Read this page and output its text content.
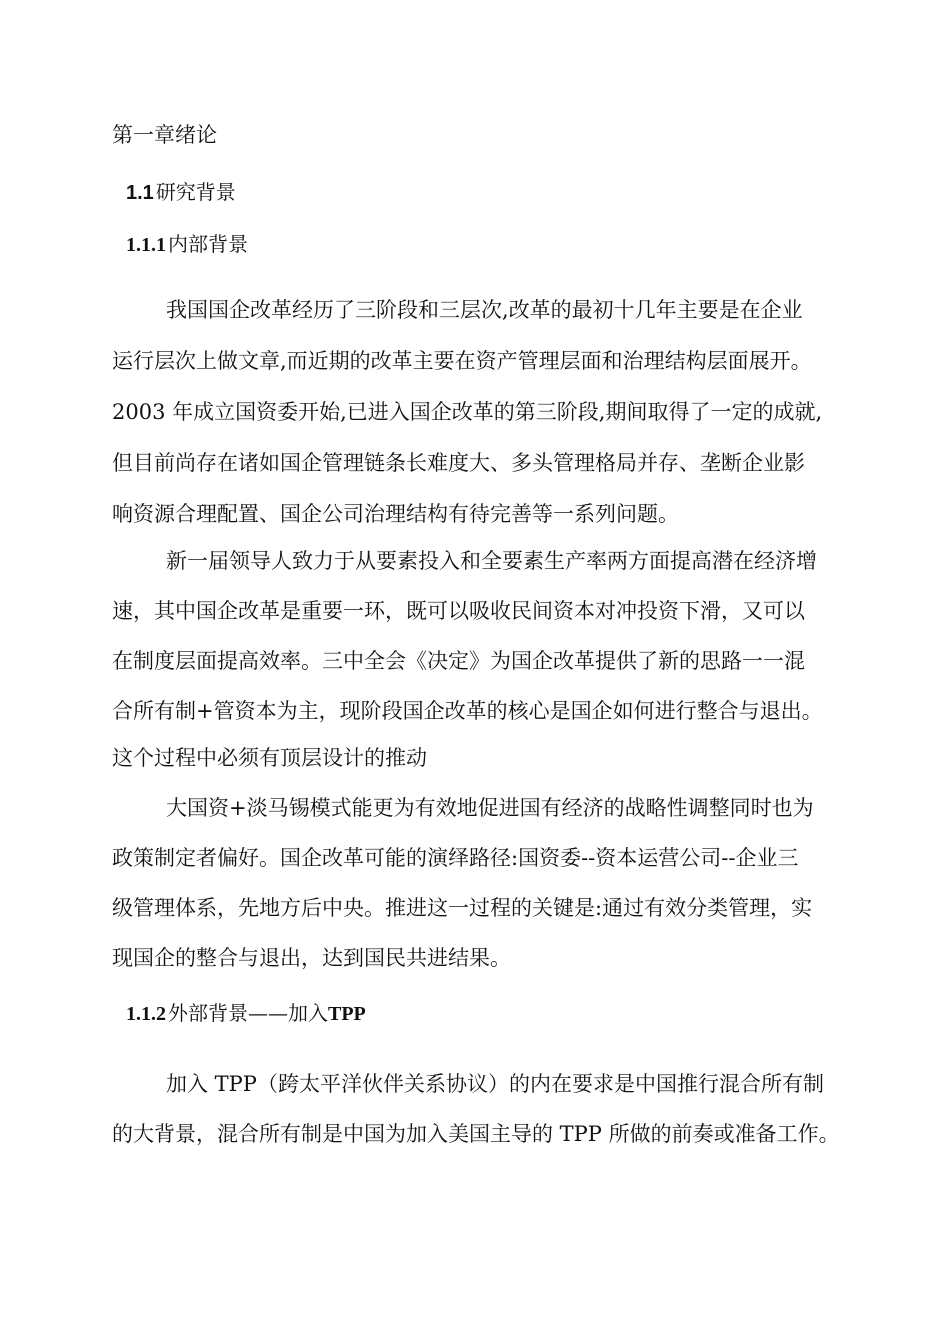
第一章绪论
1.1 研究背景
1.1.1 内部背景
我国国企改革经历了三阶段和三层次,改革的最初十几年主要是在企业
运行层次上做文章,而近期的改革主要在资产管理层面和治理结构层面展开。
2003 年成立国资委开始,已进入国企改革的第三阶段,期间取得了一定的成就,
但目前尚存在诸如国企管理链条长难度大、多头管理格局并存、垄断企业影
响资源合理配置、国企公司治理结构有待完善等一系列问题。
新一届领导人致力于从要素投入和全要素生产率两方面提高潜在经济增
速，其中国企改革是重要一环，既可以吸收民间资本对冲投资下滑，又可以
在制度层面提高效率。三中全会《决定》为国企改革提供了新的思路一一混
合所有制+管资本为主，现阶段国企改革的核心是国企如何进行整合与退出。
这个过程中必须有顶层设计的推动
大国资+淡马锡模式能更为有效地促进国有经济的战略性调整同时也为
政策制定者偏好。国企改革可能的演绎路径:国资委--资本运营公司--企业三
级管理体系，先地方后中央。推进这一过程的关键是:通过有效分类管理，实
现国企的整合与退出，达到国民共进结果。
1.1.2 外部背景——加入TPP
加入 TPP（跨太平洋伙伴关系协议）的内在要求是中国推行混合所有制
的大背景，混合所有制是中国为加入美国主导的 TPP 所做的前奏或准备工作。
